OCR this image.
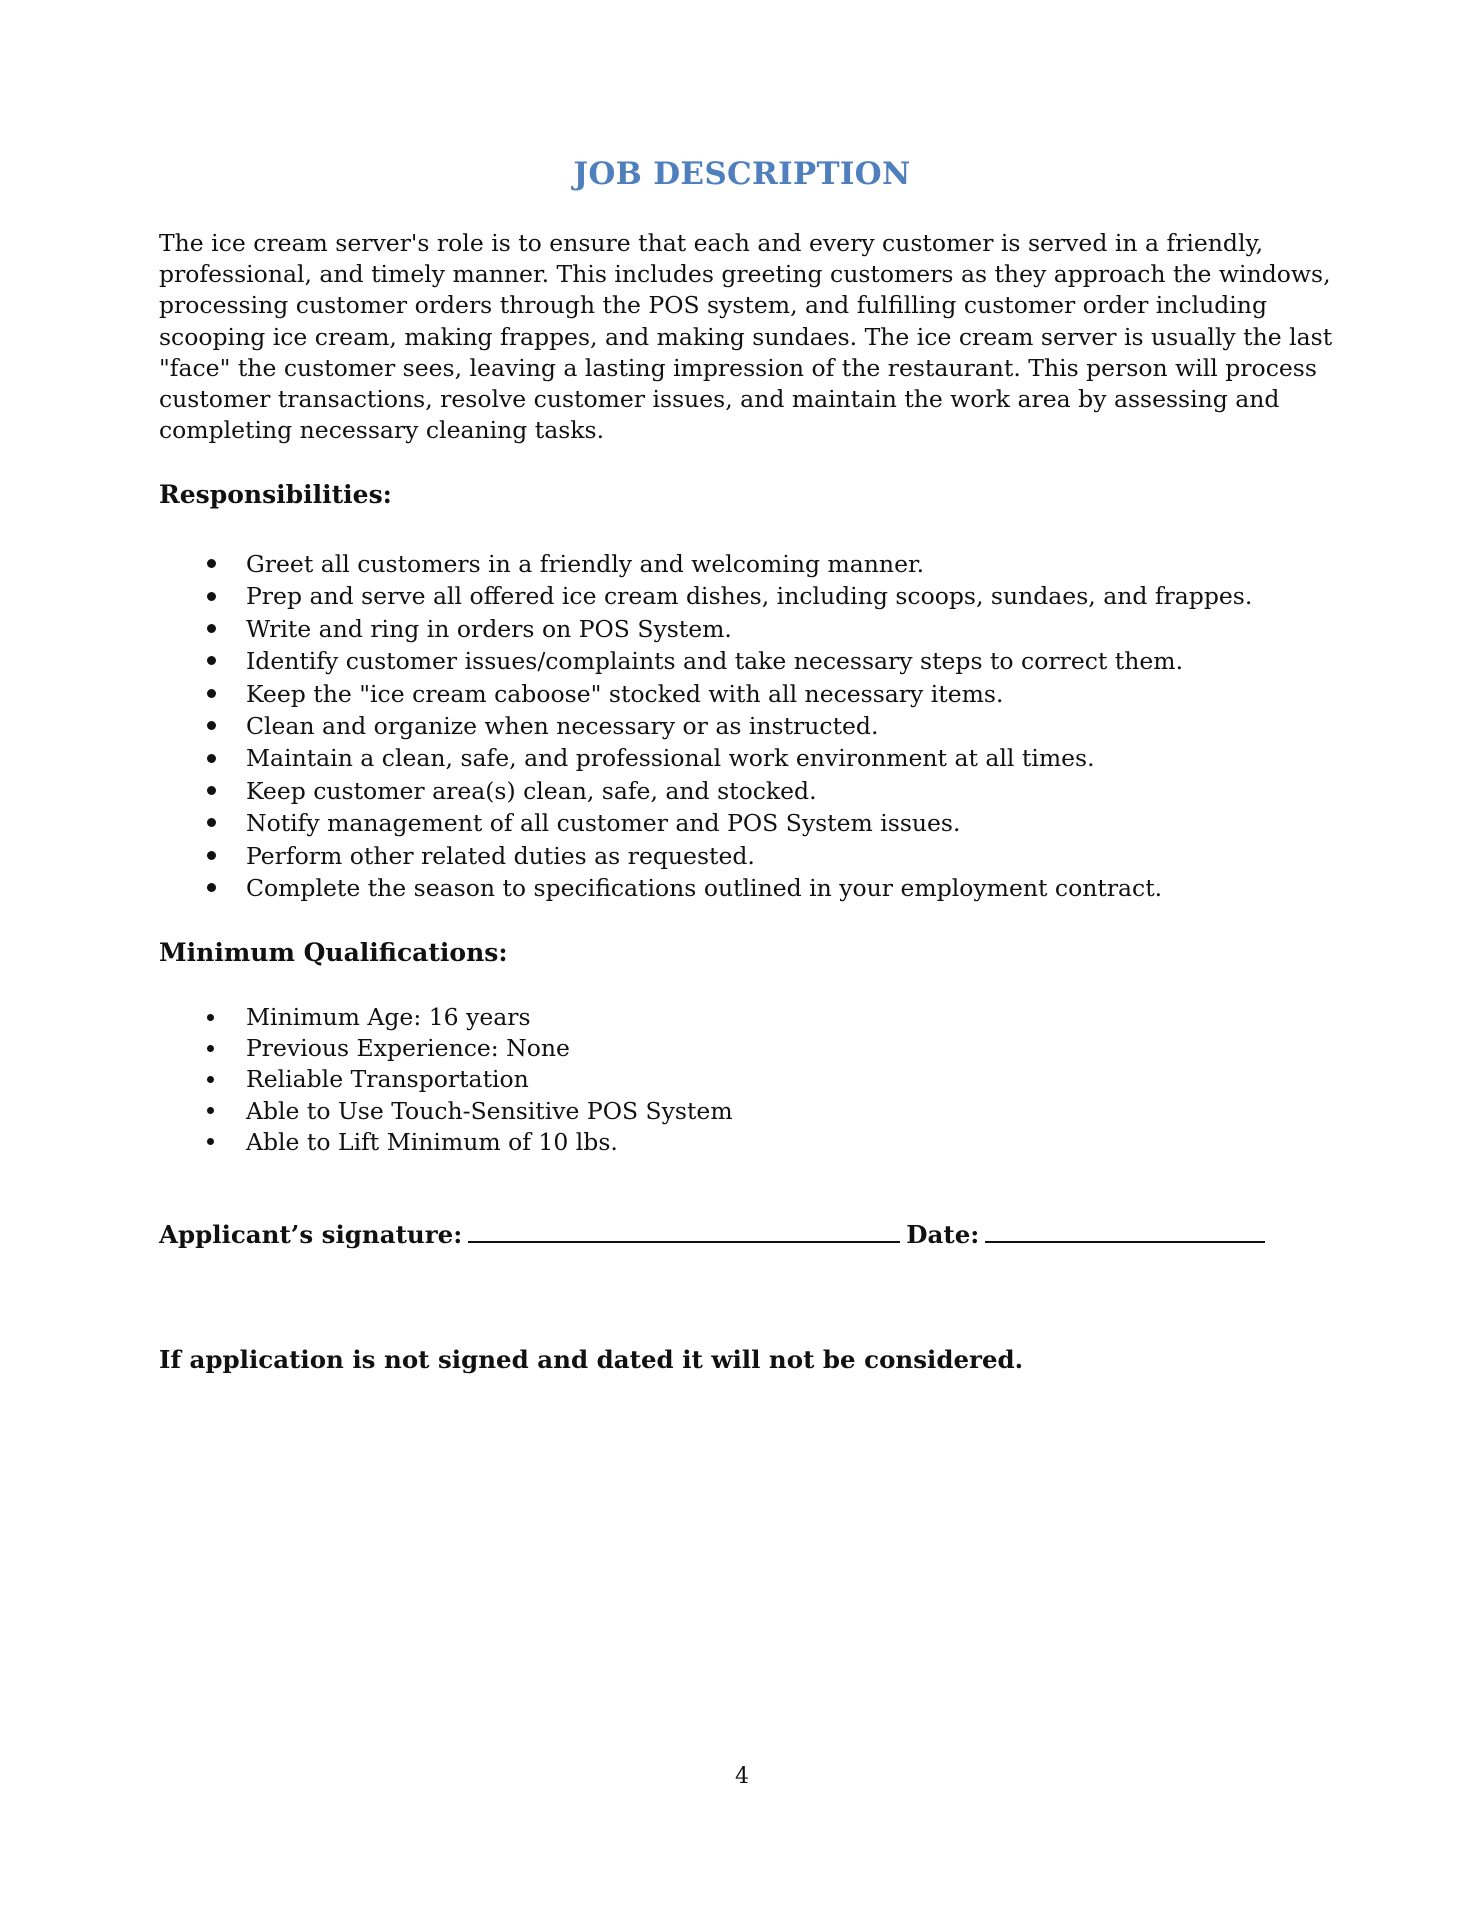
JOB DESCRIPTION

The ice cream server's role is to ensure that each and every customer is served in a friendly, professional, and timely manner. This includes greeting customers as they approach the windows, processing customer orders through the POS system, and fulfilling customer order including scooping ice cream, making frappes, and making sundaes. The ice cream server is usually the last "face" the customer sees, leaving a lasting impression of the restaurant. This person will process customer transactions, resolve customer issues, and maintain the work area by assessing and completing necessary cleaning tasks.

Responsibilities:
Greet all customers in a friendly and welcoming manner.
Prep and serve all offered ice cream dishes, including scoops, sundaes, and frappes.
Write and ring in orders on POS System.
Identify customer issues/complaints and take necessary steps to correct them.
Keep the "ice cream caboose" stocked with all necessary items.
Clean and organize when necessary or as instructed.
Maintain a clean, safe, and professional work environment at all times.
Keep customer area(s) clean, safe, and stocked.
Notify management of all customer and POS System issues.
Perform other related duties as requested.
Complete the season to specifications outlined in your employment contract.
Minimum Qualifications:
Minimum Age: 16 years
Previous Experience: None
Reliable Transportation
Able to Use Touch-Sensitive POS System
Able to Lift Minimum of 10 lbs.
Applicant’s signature:	Date:
If application is not signed and dated it will not be considered.
4
